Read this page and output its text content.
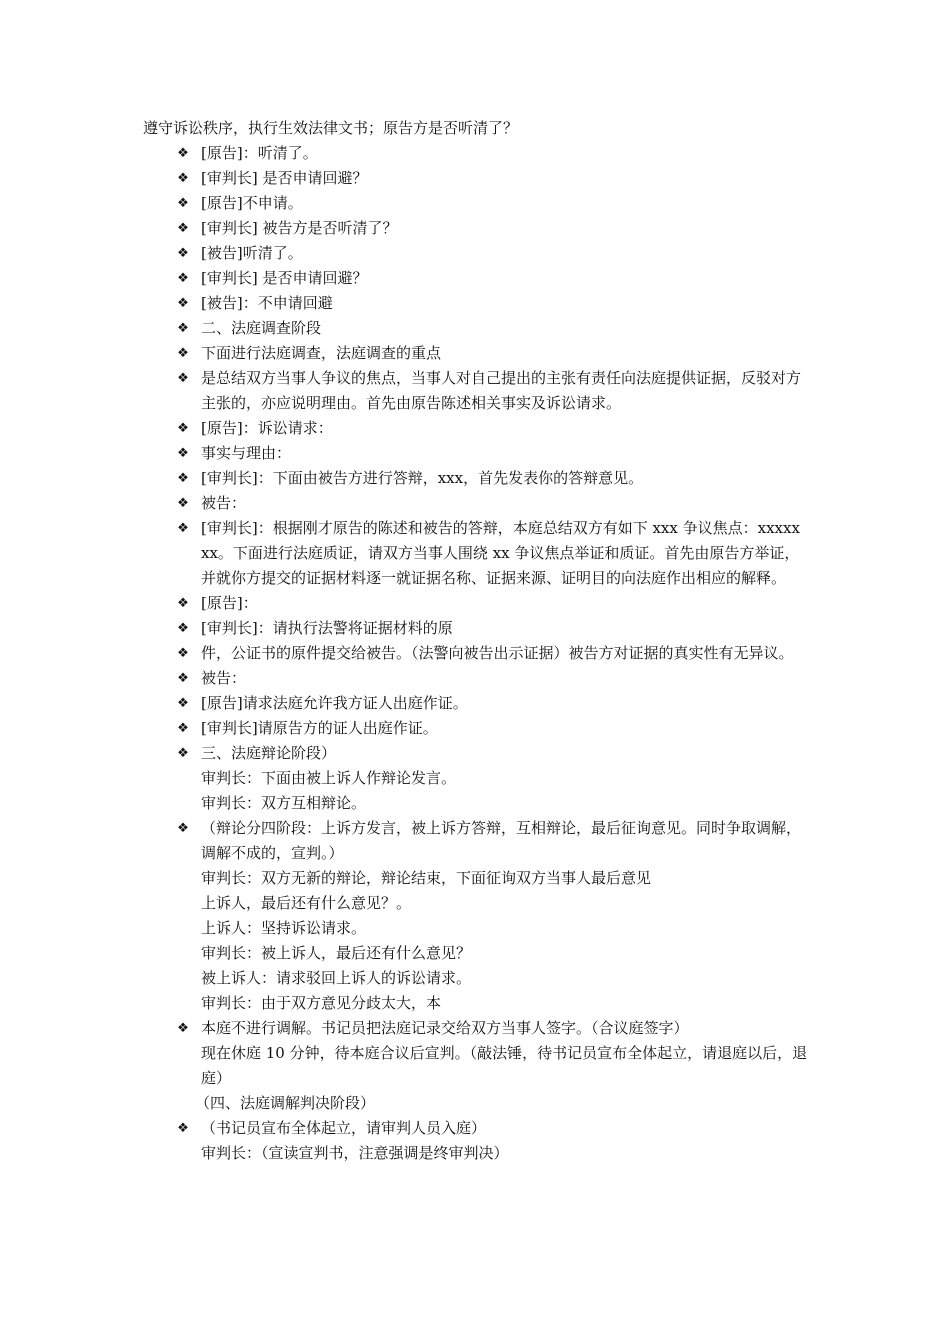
遵守诉讼秩序，执行生效法律文书；原告方是否听清了？
❖ [原告]：听清了。
❖ [审判长] 是否申请回避？
❖ [原告]不申请。
❖ [审判长] 被告方是否听清了？
❖ [被告]听清了。
❖ [审判长] 是否申请回避？
❖ [被告]：不申请回避
❖ 二、法庭调查阶段
❖ 下面进行法庭调查，法庭调查的重点
❖ 是总结双方当事人争议的焦点，当事人对自己提出的主张有责任向法庭提供证据，反驳对方主张的，亦应说明理由。首先由原告陈述相关事实及诉讼请求。
❖ [原告]：诉讼请求：
❖ 事实与理由：
❖ [审判长]：下面由被告方进行答辩，xxx，首先发表你的答辩意见。
❖ 被告：
❖ [审判长]：根据刚才原告的陈述和被告的答辩，本庭总结双方有如下 xxx 争议焦点：xxxxxxx。下面进行法庭质证，请双方当事人围绕 xx 争议焦点举证和质证。首先由原告方举证，并就你方提交的证据材料逐一就证据名称、证据来源、证明目的向法庭作出相应的解释。
❖ [原告]：
❖ [审判长]：请执行法警将证据材料的原
❖ 件，公证书的原件提交给被告。（法警向被告出示证据）被告方对证据的真实性有无异议。
❖ 被告：
❖ [原告]请求法庭允许我方证人出庭作证。
❖ [审判长]请原告方的证人出庭作证。
❖ 三、法庭辩论阶段）
审判长：下面由被上诉人作辩论发言。
审判长：双方互相辩论。
❖ （辩论分四阶段：上诉方发言，被上诉方答辩，互相辩论，最后征询意见。同时争取调解，调解不成的，宣判。）
审判长：双方无新的辩论，辩论结束，下面征询双方当事人最后意见
上诉人，最后还有什么意见？。
上诉人：坚持诉讼请求。
审判长：被上诉人，最后还有什么意见？
被上诉人：请求驳回上诉人的诉讼请求。
审判长：由于双方意见分歧太大，本
❖ 本庭不进行调解。书记员把法庭记录交给双方当事人签字。（合议庭签字）
现在休庭 10 分钟，待本庭合议后宣判。（敲法锤，待书记员宣布全体起立，请退庭以后，退庭）
（四、法庭调解判决阶段）
❖ （书记员宣布全体起立，请审判人员入庭）
审判长：（宣读宣判书，注意强调是终审判决）
